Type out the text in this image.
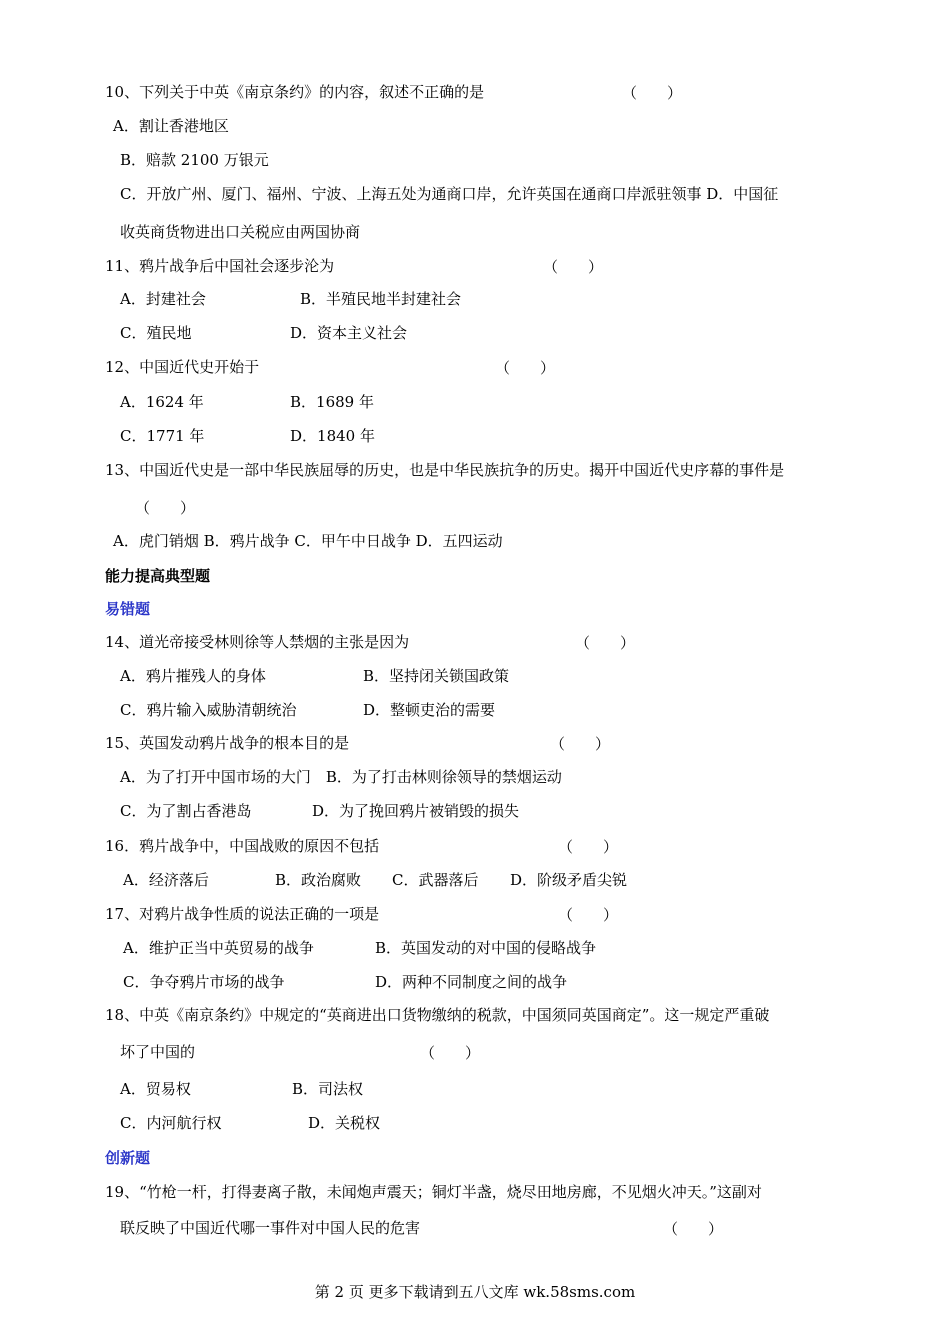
10、下列关于中英《南京条约》的内容，叙述不正确的是	（　　）
A．割让香港地区
B．赔款 2100 万银元
C．开放广州、厦门、福州、宁波、上海五处为通商口岸，允许英国在通商口岸派驻领事 D．中国征
收英商货物进出口关税应由两国协商
11、鸦片战争后中国社会逐步沦为	（　　）
A．封建社会	B．半殖民地半封建社会
C．殖民地	D．资本主义社会
12、中国近代史开始于	（　　）
A．1624 年	B．1689 年
C．1771 年	D．1840 年
13、中国近代史是一部中华民族屈辱的历史，也是中华民族抗争的历史。揭开中国近代史序幕的事件是
（　　）
A．虎门销烟 B．鸦片战争 C．甲午中日战争 D．五四运动
能力提高典型题
易错题
14、道光帝接受林则徐等人禁烟的主张是因为	（　　）
A．鸦片摧残人的身体	B．坚持闭关锁国政策
C．鸦片输入威胁清朝统治	D．整顿吏治的需要
15、英国发动鸦片战争的根本目的是	（　　）
A．为了打开中国市场的大门　B．为了打击林则徐领导的禁烟运动
C．为了割占香港岛	D．为了挽回鸦片被销毁的损失
16．鸦片战争中，中国战败的原因不包括	（　　）
A．经济落后	B．政治腐败 C．武器落后 D．阶级矛盾尖锐
17、对鸦片战争性质的说法正确的一项是	（　　）
A．维护正当中英贸易的战争	B．英国发动的对中国的侵略战争
C．争夺鸦片市场的战争	D．两种不同制度之间的战争
18、中英《南京条约》中规定的“英商进出口货物缴纳的税款，中国须同英国商定”。这一规定严重破
坏了中国的	（　　）
A．贸易权	B．司法权
C．内河航行权	D．关税权
创新题
19、“竹枪一杆，打得妻离子散，未闻炮声震天；铜灯半盏，烧尽田地房廊，不见烟火冲天。”这副对
联反映了中国近代哪一事件对中国人民的危害	（　　）
第 2 页 更多下载请到五八文库 wk.58sms.com
